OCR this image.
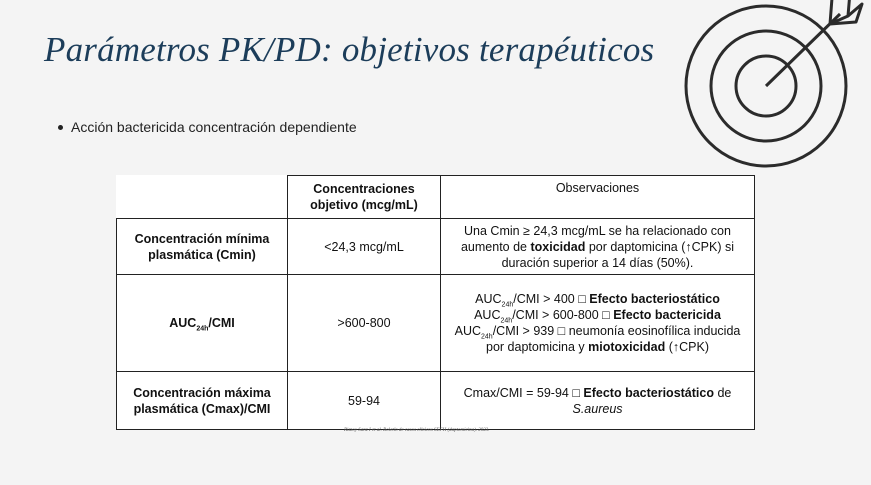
Parámetros PK/PD: objetivos terapéuticos
Acción bactericida concentración dependiente
	Concentraciones objetivo (mcg/mL)	Observaciones
Concentración mínima plasmática (Cmin)	<24,3 mcg/mL	Una Cmin ≥ 24,3 mcg/mL se ha relacionado con aumento de toxicidad por daptomicina (↑CPK) si duración superior a 14 días (50%).
$AUC_{24h}$/CMI	>600-800	$AUC_{24h}$/CMI > 400 □ Efecto bacteriostático
$AUC_{24h}$/CMI > 600-800 □ Efecto bactericida
$AUC_{24h}$/CMI > 939 □ neumonía eosinofílica inducida por daptomicina y miotoxicidad (↑CPK)

Concentración máxima plasmática (Cmax)/CMI	59-94	Cmax/CMI = 59-94 □ Efecto bacteriostático de
S.aureus
Rizzoy Sanz I et al. Boletín de casos clínicos SEFH (daptomicina). 2023.
